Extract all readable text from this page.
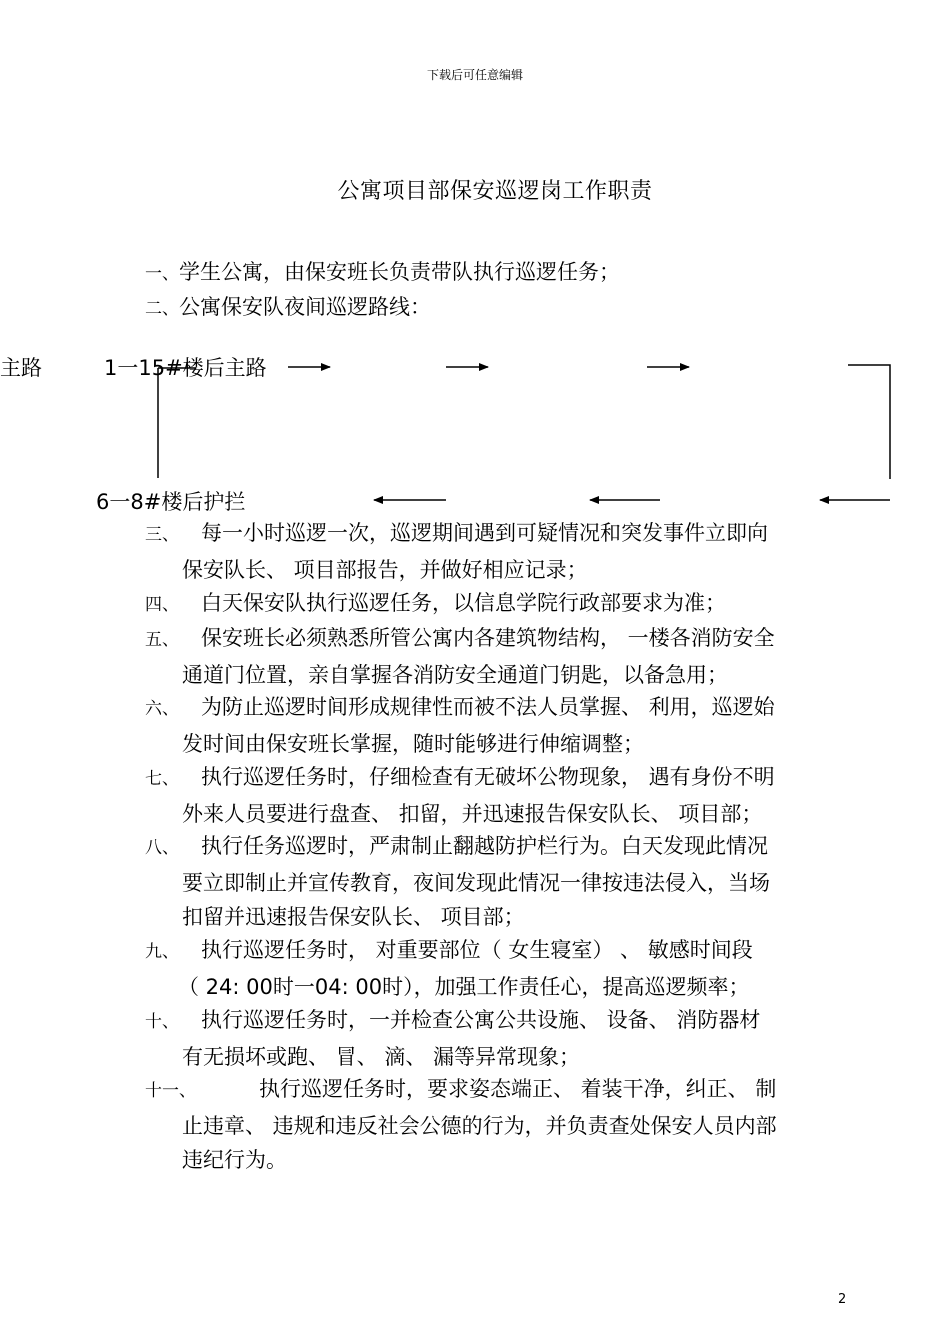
下载后可任意编辑
公寓项目部保安巡逻岗工作职责
一、学生公寓，由保安班长负责带队执行巡逻任务；
二、公寓保安队夜间巡逻路线：
主路	1一15#楼后主路
6一8#楼后护拦
三、 每一小时巡逻一次，巡逻期间遇到可疑情况和突发事件立即向
保安队长、 项目部报告，并做好相应记录；
四、 白天保安队执行巡逻任务，以信息学院行政部要求为准；
五、 保安班长必须熟悉所管公寓内各建筑物结构， 一楼各消防安全
通道门位置，亲自掌握各消防安全通道门钥匙，以备急用；
六、 为防止巡逻时间形成规律性而被不法人员掌握、 利用，巡逻始
发时间由保安班长掌握，随时能够进行伸缩调整；
七、 执行巡逻任务时，仔细检查有无破坏公物现象， 遇有身份不明
外来人员要进行盘查、 扣留，并迅速报告保安队长、 项目部；
八、 执行任务巡逻时，严肃制止翻越防护栏行为。白天发现此情况
要立即制止并宣传教育，夜间发现此情况一律按违法侵入，当场
扣留并迅速报告保安队长、 项目部；
九、 执行巡逻任务时， 对重要部位（ 女生寝室） 、 敏感时间段
（ 24: 00时一04: 00时），加强工作责任心，提高巡逻频率；
十、 执行巡逻任务时，一并检查公寓公共设施、 设备、 消防器材
有无损坏或跑、 冒、 滴、 漏等异常现象；
十一、	执行巡逻任务时，要求姿态端正、 着装干净，纠正、 制
止违章、 违规和违反社会公德的行为，并负责查处保安人员内部
违纪行为。
2
